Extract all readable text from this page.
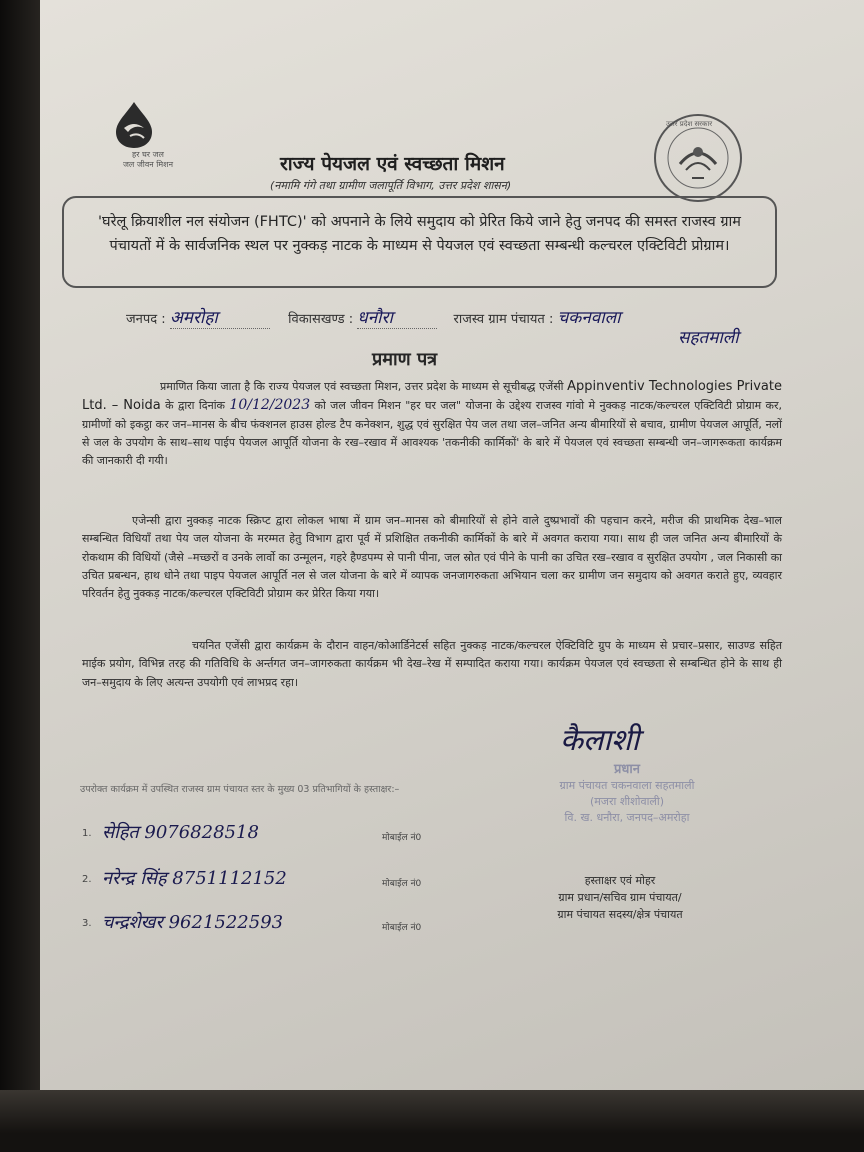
हर घर जल
जल जीवन मिशन
उत्तर प्रदेश सरकार
राज्य पेयजल एवं स्वच्छता मिशन
(नमामि गंगे तथा ग्रामीण जलापूर्ति विभाग, उत्तर प्रदेश शासन)
'घरेलू क्रियाशील नल संयोजन (FHTC)' को अपनाने के लिये समुदाय को प्रेरित किये जाने हेतु जनपद की समस्त राजस्व ग्राम पंचायतों में के सार्वजनिक स्थल पर नुक्कड़ नाटक के माध्यम से पेयजल एवं स्वच्छता सम्बन्धी कल्चरल एक्टिविटी प्रोग्राम।
जनपद : अमरोहा	विकासखण्ड : धनौरा	राजस्व ग्राम पंचायत : चकनवाला
सहतमाली
प्रमाण पत्र
प्रमाणित किया जाता है कि राज्य पेयजल एवं स्वच्छता मिशन, उत्तर प्रदेश के माध्यम से सूचीबद्ध एजेंसी Appinventiv Technologies Private Ltd. – Noida के द्वारा दिनांक 10/12/2023 को जल जीवन मिशन "हर घर जल" योजना के उद्देश्य राजस्व गांवो मे नुक्कड़ नाटक/कल्चरल एक्टिविटी प्रोग्राम कर, ग्रामीणों को इकट्ठा कर जन–मानस के बीच फंक्शनल हाउस होल्ड टैप कनेक्शन, शुद्ध एवं सुरक्षित पेय जल तथा जल–जनित अन्य बीमारियों से बचाव, ग्रामीण पेयजल आपूर्ति, नलों से जल के उपयोग के साथ–साथ पाईप पेयजल आपूर्ति योजना के रख–रखाव में आवश्यक 'तकनीकी कार्मिकों' के बारे में पेयजल एवं स्वच्छता सम्बन्धी जन–जागरूकता कार्यक्रम की जानकारी दी गयी।
एजेन्सी द्वारा नुक्कड़ नाटक स्क्रिप्ट द्वारा लोकल भाषा में ग्राम जन–मानस को बीमारियों से होने वाले दुष्प्रभावों की पहचान करने, मरीज की प्राथमिक देख–भाल सम्बन्धित विधियाँ तथा पेय जल योजना के मरम्मत हेतु विभाग द्वारा पूर्व में प्रशिक्षित तकनीकी कार्मिकों के बारे में अवगत कराया गया। साथ ही जल जनित अन्य बीमारियों के रोकथाम की विधियों (जैसे –मच्छरों व उनके लार्वो का उन्मूलन, गहरे हैण्डपम्प से पानी पीना, जल स्रोत एवं पीने के पानी का उचित रख–रखाव व सुरक्षित उपयोग , जल निकासी का उचित प्रबन्धन, हाथ धोने तथा पाइप पेयजल आपूर्ति नल से जल योजना के बारे में व्यापक जनजागरुकता अभियान चला कर ग्रामीण जन समुदाय को अवगत कराते हुए, व्यवहार परिवर्तन हेतु नुक्कड़ नाटक/कल्चरल एक्टिविटी प्रोग्राम कर प्रेरित किया गया।
चयनित एजेंसी द्वारा कार्यक्रम के दौरान वाहन/कोआर्डिनेटर्स सहित नुक्कड़ नाटक/कल्चरल ऐक्टिविटि ग्रुप के माध्यम से प्रचार–प्रसार, साउण्ड सहित माईक प्रयोग, विभिन्न तरह की गतिविधि के अर्न्तगत जन–जागरुकता कार्यक्रम भी देख–रेख में सम्पादित कराया गया। कार्यक्रम पेयजल एवं स्वच्छता से सम्बन्धित होने के साथ ही जन–समुदाय के लिए अत्यन्त उपयोगी एवं लाभप्रद रहा।
कैलाशी
प्रधान
ग्राम पंचायत चकनवाला सहतमाली
(मजरा शीशोवाली)
वि. ख. धनौरा, जनपद–अमरोहा
हस्ताक्षर एवं मोहर
ग्राम प्रधान/सचिव ग्राम पंचायत/
ग्राम पंचायत सदस्य/क्षेत्र पंचायत
उपरोक्त कार्यक्रम में उपस्थित राजस्व ग्राम पंचायत स्तर के मुख्य 03 प्रतिभागियों के हस्ताक्षर:–
1. सेहित 9076828518	मोबाईल नं0
2. नरेन्द्र सिंह 8751112152	मोबाईल नं0
3. चन्द्रशेखर 9621522593	मोबाईल नं0
